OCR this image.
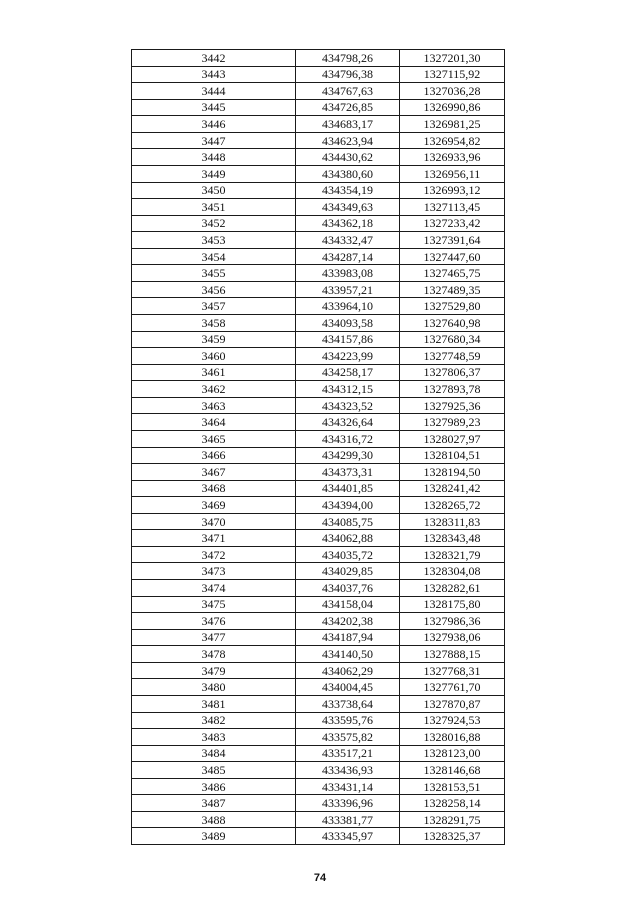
3442	434798,26	1327201,30
3443	434796,38	1327115,92
3444	434767,63	1327036,28
3445	434726,85	1326990,86
3446	434683,17	1326981,25
3447	434623,94	1326954,82
3448	434430,62	1326933,96
3449	434380,60	1326956,11
3450	434354,19	1326993,12
3451	434349,63	1327113,45
3452	434362,18	1327233,42
3453	434332,47	1327391,64
3454	434287,14	1327447,60
3455	433983,08	1327465,75
3456	433957,21	1327489,35
3457	433964,10	1327529,80
3458	434093,58	1327640,98
3459	434157,86	1327680,34
3460	434223,99	1327748,59
3461	434258,17	1327806,37
3462	434312,15	1327893,78
3463	434323,52	1327925,36
3464	434326,64	1327989,23
3465	434316,72	1328027,97
3466	434299,30	1328104,51
3467	434373,31	1328194,50
3468	434401,85	1328241,42
3469	434394,00	1328265,72
3470	434085,75	1328311,83
3471	434062,88	1328343,48
3472	434035,72	1328321,79
3473	434029,85	1328304,08
3474	434037,76	1328282,61
3475	434158,04	1328175,80
3476	434202,38	1327986,36
3477	434187,94	1327938,06
3478	434140,50	1327888,15
3479	434062,29	1327768,31
3480	434004,45	1327761,70
3481	433738,64	1327870,87
3482	433595,76	1327924,53
3483	433575,82	1328016,88
3484	433517,21	1328123,00
3485	433436,93	1328146,68
3486	433431,14	1328153,51
3487	433396,96	1328258,14
3488	433381,77	1328291,75
3489	433345,97	1328325,37
74
